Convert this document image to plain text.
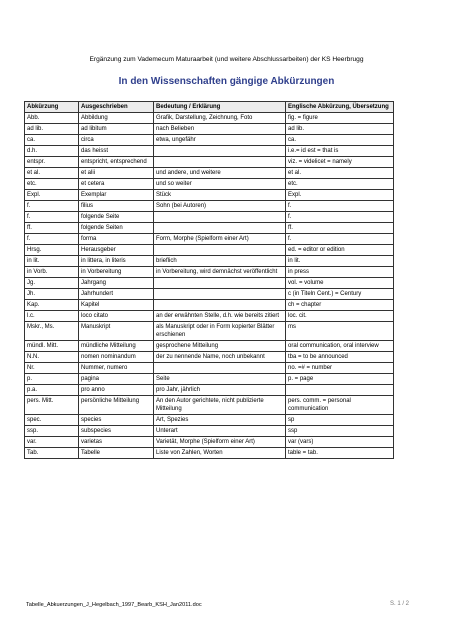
Ergänzung zum Vademecum Maturaarbeit (und weitere Abschlussarbeiten) der KS Heerbrugg
In den Wissenschaften gängige Abkürzungen
Abkürzung	Ausgeschrieben	Bedeutung / Erklärung	Englische Abkürzung, Übersetzung
Abb.	Abbildung	Grafik, Darstellung, Zeichnung, Foto	fig. = figure
ad lib.	ad libitum	nach Belieben	ad lib.
ca.	circa	etwa, ungefähr	ca.
d.h.	das heisst		i.e.= id est = that is
entspr.	entspricht, entsprechend		viz. = videlicet = namely
et al.	et alii	und andere, und weitere	et al.
etc.	et cetera	und so weiter	etc.
Expl.	Exemplar	Stück	Expl.
f.	filius	Sohn (bei Autoren)	f.
f.	folgende Seite		f.
ff.	folgende Seiten		ff.
f.	forma	Form, Morphe (Spielform einer Art)	f.
Hrsg.	Herausgeber		ed. = editor or edition
in lit.	in littera, in literis	brieflich	in lit.
in Vorb.	in Vorbereitung	in Vorbereitung, wird demnächst veröffentlicht	in press
Jg.	Jahrgang		vol. = volume
Jh.	Jahrhundert		c (in Titeln Cent.) = Century
Kap.	Kapitel		ch = chapter
l.c.	loco citato	an der erwähnten Stelle, d.h. wie bereits zitiert	loc. cit.
Mskr., Ms.	Manuskript	als Manuskript oder in Form kopierter Blätter erschienen	ms
mündl. Mitt.	mündliche Mitteilung	gesprochene Mitteilung	oral communication, oral interview
N.N.	nomen nominandum	der zu nennende Name, noch unbekannt	tba = to be announced
Nr.	Nummer, numero		no. =# = number
p.	pagina	Seite	p. = page
p.a.	pro anno	pro Jahr, jährlich	
pers. Mitt.	persönliche Mitteilung	An den Autor gerichtete, nicht publizierte Mitteilung	pers. comm. = personal communication
spec.	species	Art, Spezies	sp
ssp.	subspecies	Unterart	ssp
var.	varietas	Varietät, Morphe (Spielform einer Art)	var (vars)
Tab.	Tabelle	Liste von Zahlen, Worten	table = tab.
Tabelle_Abkuerzungen_J_Hegelbach_1997_Bearb_KSH_Jan2011.doc	S. 1 / 2
